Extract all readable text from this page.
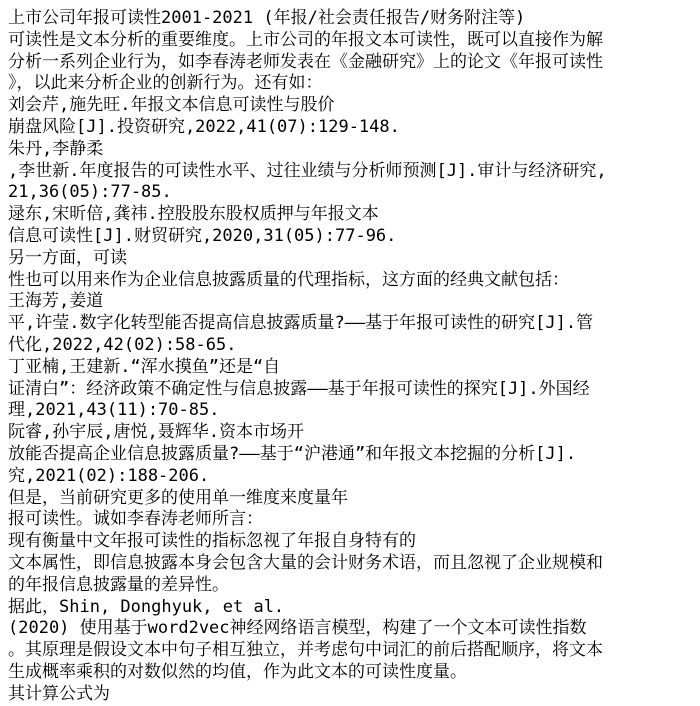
上市公司年报可读性2001-2021 (年报/社会责任报告/财务附注等)
可读性是文本分析的重要维度。上市公司的年报文本可读性，既可以直接作为解
分析一系列企业行为，如李春涛老师发表在《金融研究》上的论文《年报可读性
》，以此来分析企业的创新行为。还有如：
刘会芹,施先旺.年报文本信息可读性与股价
崩盘风险[J].投资研究,2022,41(07):129-148.
朱丹,李静柔
,李世新.年度报告的可读性水平、过往业绩与分析师预测[J].审计与经济研究,
21,36(05):77-85.
逯东,宋昕倍,龚祎.控股股东股权质押与年报文本
信息可读性[J].财贸研究,2020,31(05):77-96.
另一方面，可读
性也可以用来作为企业信息披露质量的代理指标，这方面的经典文献包括：
王海芳,姜道
平,许莹.数字化转型能否提高信息披露质量?——基于年报可读性的研究[J].管
代化,2022,42(02):58-65.
丁亚楠,王建新.“浑水摸鱼”还是“自
证清白”：经济政策不确定性与信息披露——基于年报可读性的探究[J].外国经
理,2021,43(11):70-85.
阮睿,孙宇辰,唐悦,聂辉华.资本市场开
放能否提高企业信息披露质量?——基于“沪港通”和年报文本挖掘的分析[J].
究,2021(02):188-206.
但是，当前研究更多的使用单一维度来度量年
报可读性。诚如李春涛老师所言：
现有衡量中文年报可读性的指标忽视了年报自身特有的
文本属性，即信息披露本身会包含大量的会计财务术语，而且忽视了企业规模和
的年报信息披露量的差异性。
据此，Shin, Donghyuk, et al.
(2020) 使用基于word2vec神经网络语言模型，构建了一个文本可读性指数
。其原理是假设文本中句子相互独立，并考虑句中词汇的前后搭配顺序，将文本
生成概率乘积的对数似然的均值，作为此文本的可读性度量。
其计算公式为
